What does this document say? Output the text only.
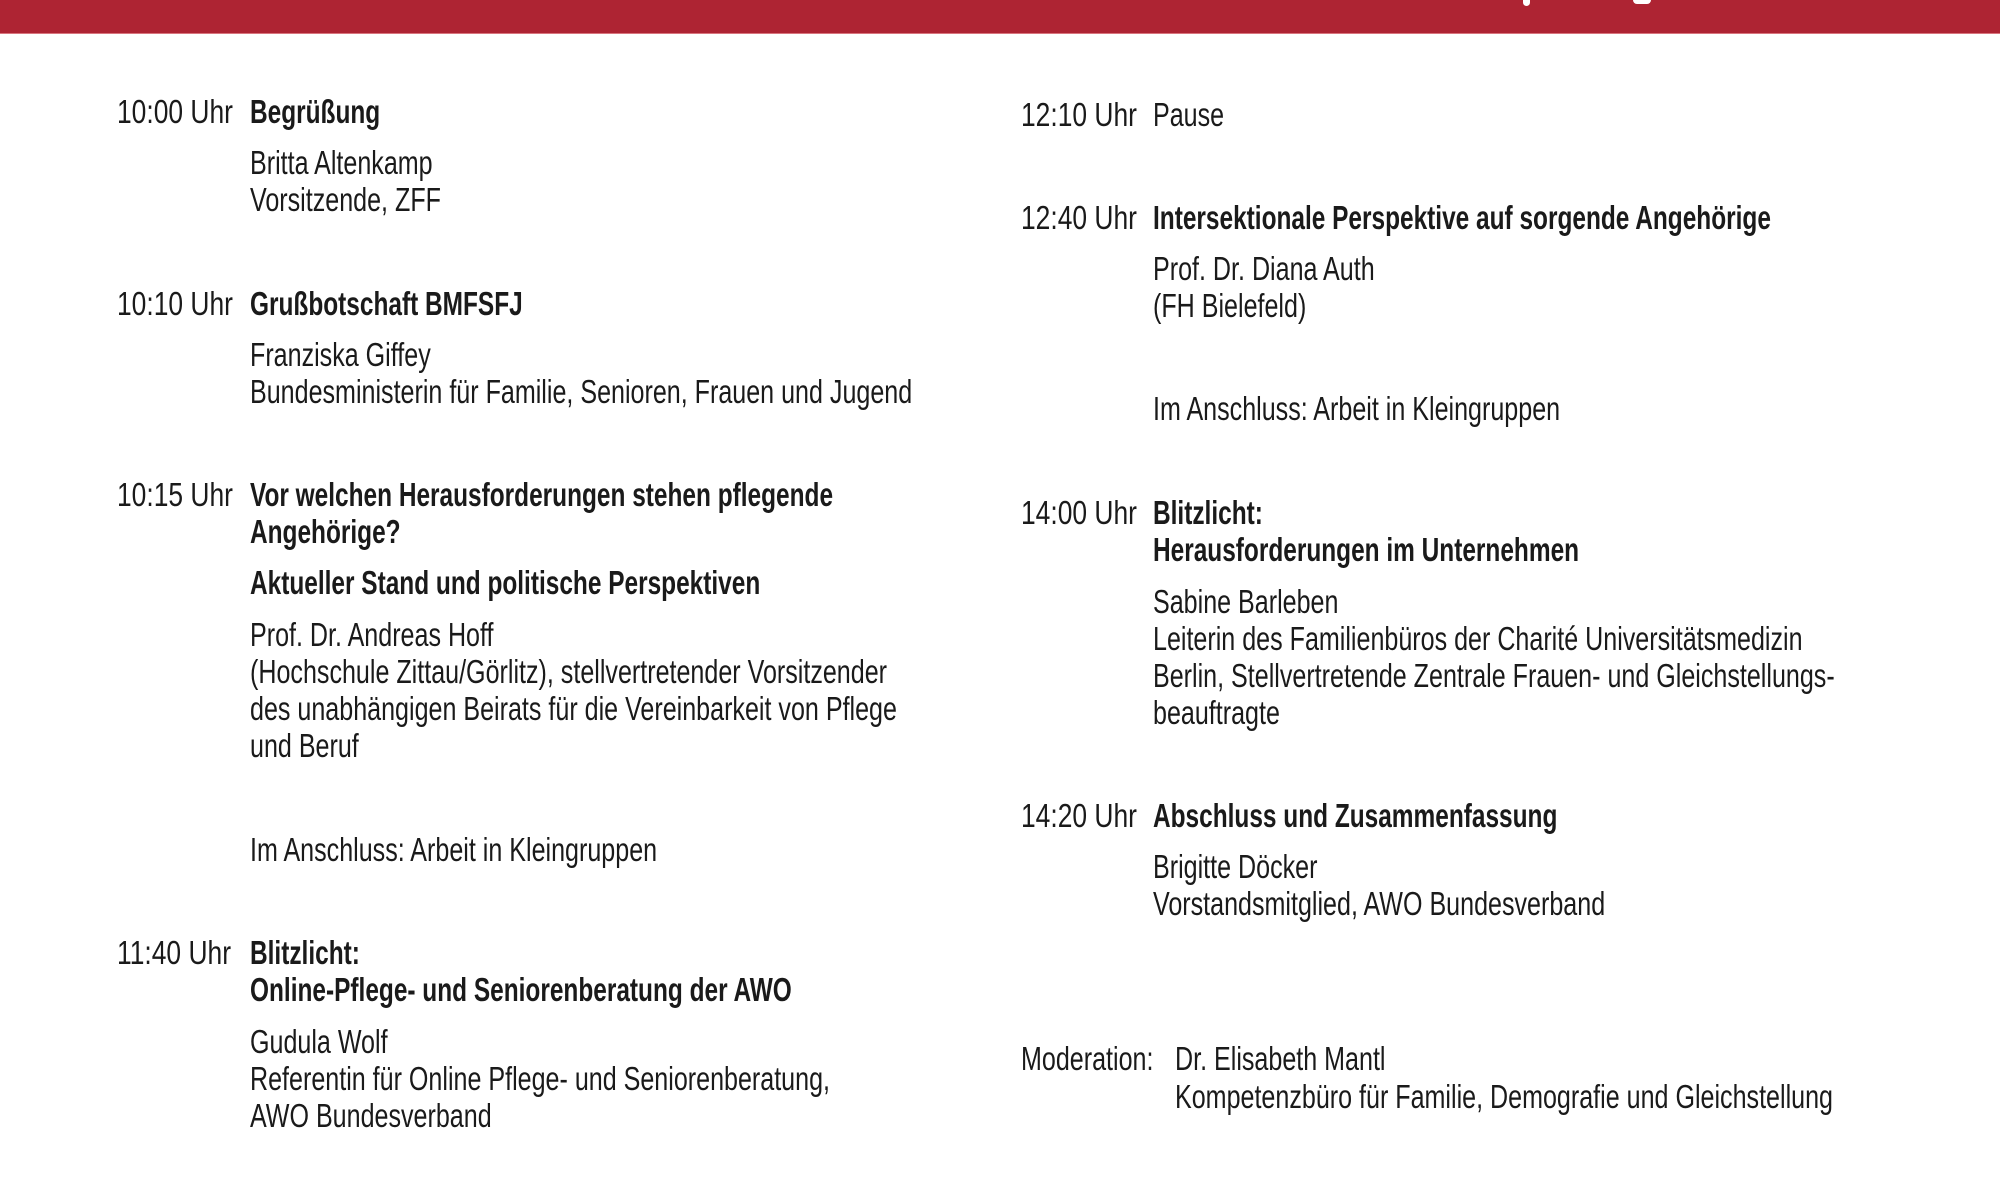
10:00 Uhr Begrüßung
Britta Altenkamp
Vorsitzende, ZFF
10:10 Uhr Grußbotschaft BMFSFJ
Franziska Giffey
Bundesministerin für Familie, Senioren, Frauen und Jugend
10:15 Uhr Vor welchen Herausforderungen stehen pflegende
Angehörige?
Aktueller Stand und politische Perspektiven
Prof. Dr. Andreas Hoff
(Hochschule Zittau/Görlitz), stellvertretender Vorsitzender
des unabhängigen Beirats für die Vereinbarkeit von Pflege
und Beruf
Im Anschluss: Arbeit in Kleingruppen
11:40 Uhr Blitzlicht:
Online-Pflege- und Seniorenberatung der AWO
Gudula Wolf
Referentin für Online Pflege- und Seniorenberatung,
AWO Bundesverband
12:10 Uhr Pause
12:40 Uhr Intersektionale Perspektive auf sorgende Angehörige
Prof. Dr. Diana Auth
(FH Bielefeld)
Im Anschluss: Arbeit in Kleingruppen
14:00 Uhr Blitzlicht:
Herausforderungen im Unternehmen
Sabine Barleben
Leiterin des Familienbüros der Charité Universitätsmedizin
Berlin, Stellvertretende Zentrale Frauen- und Gleichstellungs-
beauftragte
14:20 Uhr Abschluss und Zusammenfassung
Brigitte Döcker
Vorstandsmitglied, AWO Bundesverband
Moderation: Dr. Elisabeth Mantl
Kompetenzbüro für Familie, Demografie und Gleichstellung
